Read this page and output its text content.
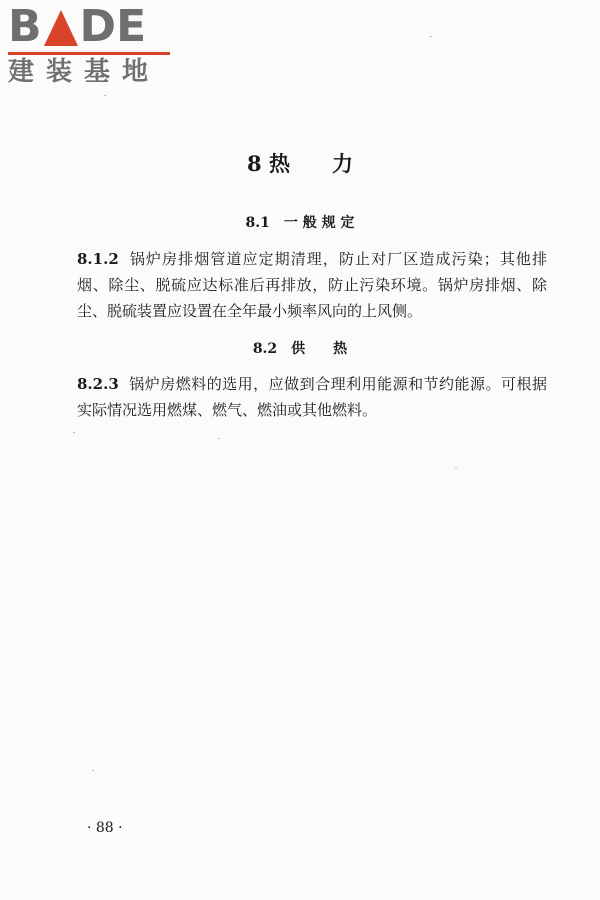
B DE
建装基地
8 热　　力
8.1　一 般 规 定
8.1.2 锅炉房排烟管道应定期清理，防止对厂区造成污染；其他排烟、除尘、脱硫应达标准后再排放，防止污染环境。锅炉房排烟、除尘、脱硫装置应设置在全年最小频率风向的上风侧。
8.2　供　　热
8.2.3 锅炉房燃料的选用，应做到合理利用能源和节约能源。可根据实际情况选用燃煤、燃气、燃油或其他燃料。
· 88 ·
